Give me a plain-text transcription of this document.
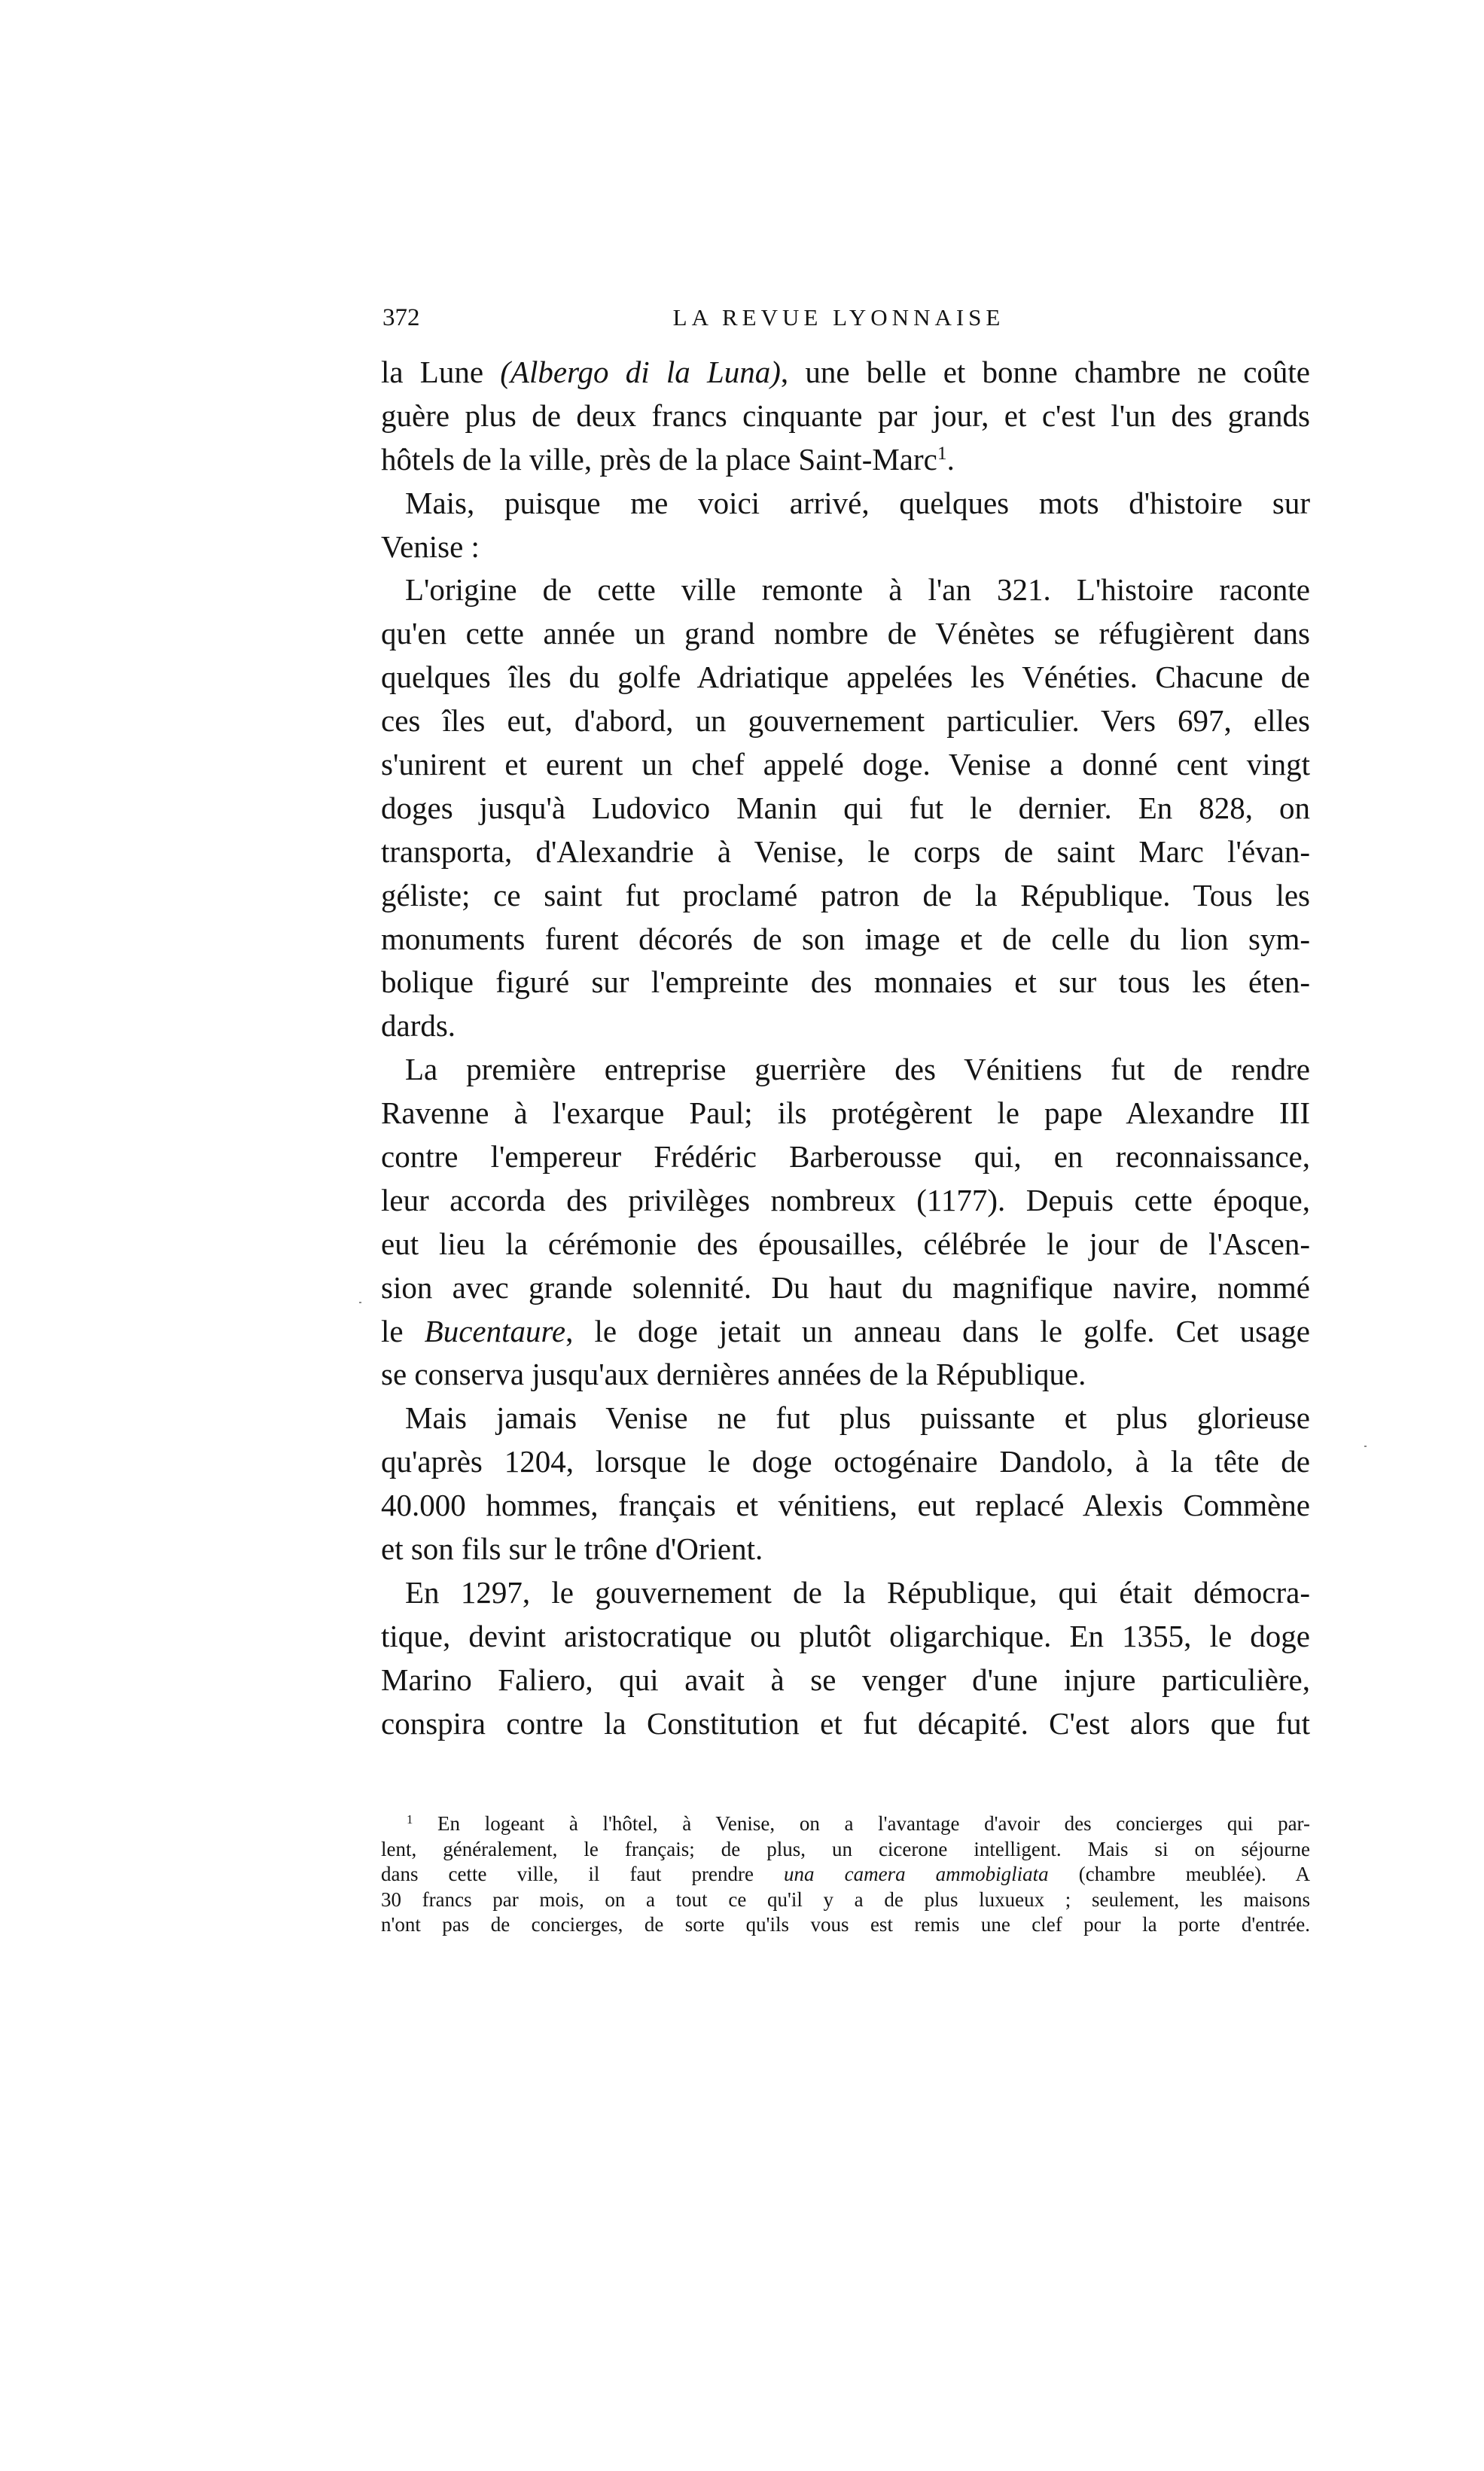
372	LA REVUE LYONNAISE
la Lune (Albergo di la Luna), une belle et bonne chambre ne coûte
guère plus de deux francs cinquante par jour, et c'est l'un des grands
hôtels de la ville, près de la place Saint-Marc$^1$.
Mais, puisque me voici arrivé, quelques mots d'histoire sur
Venise :
L'origine de cette ville remonte à l'an 321. L'histoire raconte
qu'en cette année un grand nombre de Vénètes se réfugièrent dans
quelques îles du golfe Adriatique appelées les Vénéties. Chacune de
ces îles eut, d'abord, un gouvernement particulier. Vers 697, elles
s'unirent et eurent un chef appelé doge. Venise a donné cent vingt
doges jusqu'à Ludovico Manin qui fut le dernier. En 828, on
transporta, d'Alexandrie à Venise, le corps de saint Marc l'évan-
géliste; ce saint fut proclamé patron de la République. Tous les
monuments furent décorés de son image et de celle du lion sym-
bolique figuré sur l'empreinte des monnaies et sur tous les éten-
dards.
La première entreprise guerrière des Vénitiens fut de rendre
Ravenne à l'exarque Paul; ils protégèrent le pape Alexandre III
contre l'empereur Frédéric Barberousse qui, en reconnaissance,
leur accorda des privilèges nombreux (1177). Depuis cette époque,
eut lieu la cérémonie des épousailles, célébrée le jour de l'Ascen-
sion avec grande solennité. Du haut du magnifique navire, nommé
le Bucentaure, le doge jetait un anneau dans le golfe. Cet usage
se conserva jusqu'aux dernières années de la République.
Mais jamais Venise ne fut plus puissante et plus glorieuse
qu'après 1204, lorsque le doge octogénaire Dandolo, à la tête de
40.000 hommes, français et vénitiens, eut replacé Alexis Commène
et son fils sur le trône d'Orient.
En 1297, le gouvernement de la République, qui était démocra-
tique, devint aristocratique ou plutôt oligarchique. En 1355, le doge
Marino Faliero, qui avait à se venger d'une injure particulière,
conspira contre la Constitution et fut décapité. C'est alors que fut
$^1$ En logeant à l'hôtel, à Venise, on a l'avantage d'avoir des concierges qui par-
lent, généralement, le français; de plus, un cicerone intelligent. Mais si on séjourne
dans cette ville, il faut prendre una camera ammobigliata (chambre meublée). A
30 francs par mois, on a tout ce qu'il y a de plus luxueux ; seulement, les maisons
n'ont pas de concierges, de sorte qu'ils vous est remis une clef pour la porte d'entrée.
